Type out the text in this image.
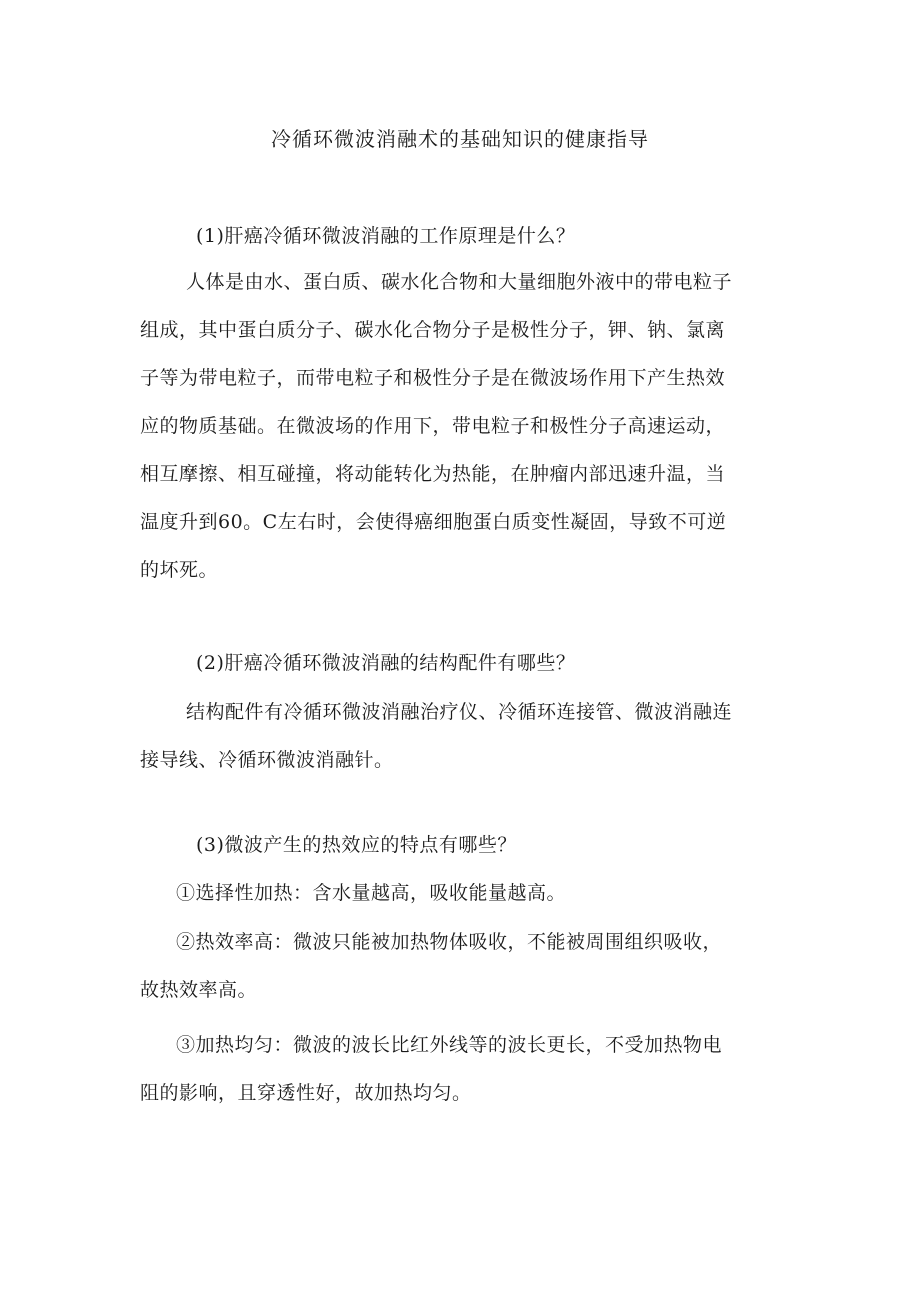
冷循环微波消融术的基础知识的健康指导
(1)肝癌冷循环微波消融的工作原理是什么？
人体是由水、蛋白质、碳水化合物和大量细胞外液中的带电粒子
组成，其中蛋白质分子、碳水化合物分子是极性分子，钾、钠、氯离
子等为带电粒子，而带电粒子和极性分子是在微波场作用下产生热效
应的物质基础。在微波场的作用下，带电粒子和极性分子高速运动，
相互摩擦、相互碰撞，将动能转化为热能，在肿瘤内部迅速升温，当
温度升到60。C左右时，会使得癌细胞蛋白质变性凝固，导致不可逆
的坏死。
(2)肝癌冷循环微波消融的结构配件有哪些？
结构配件有冷循环微波消融治疗仪、冷循环连接管、微波消融连
接导线、冷循环微波消融针。
(3)微波产生的热效应的特点有哪些？
①选择性加热：含水量越高，吸收能量越高。
②热效率高：微波只能被加热物体吸收，不能被周围组织吸收，
故热效率高。
③加热均匀：微波的波长比红外线等的波长更长，不受加热物电
阻的影响，且穿透性好，故加热均匀。
